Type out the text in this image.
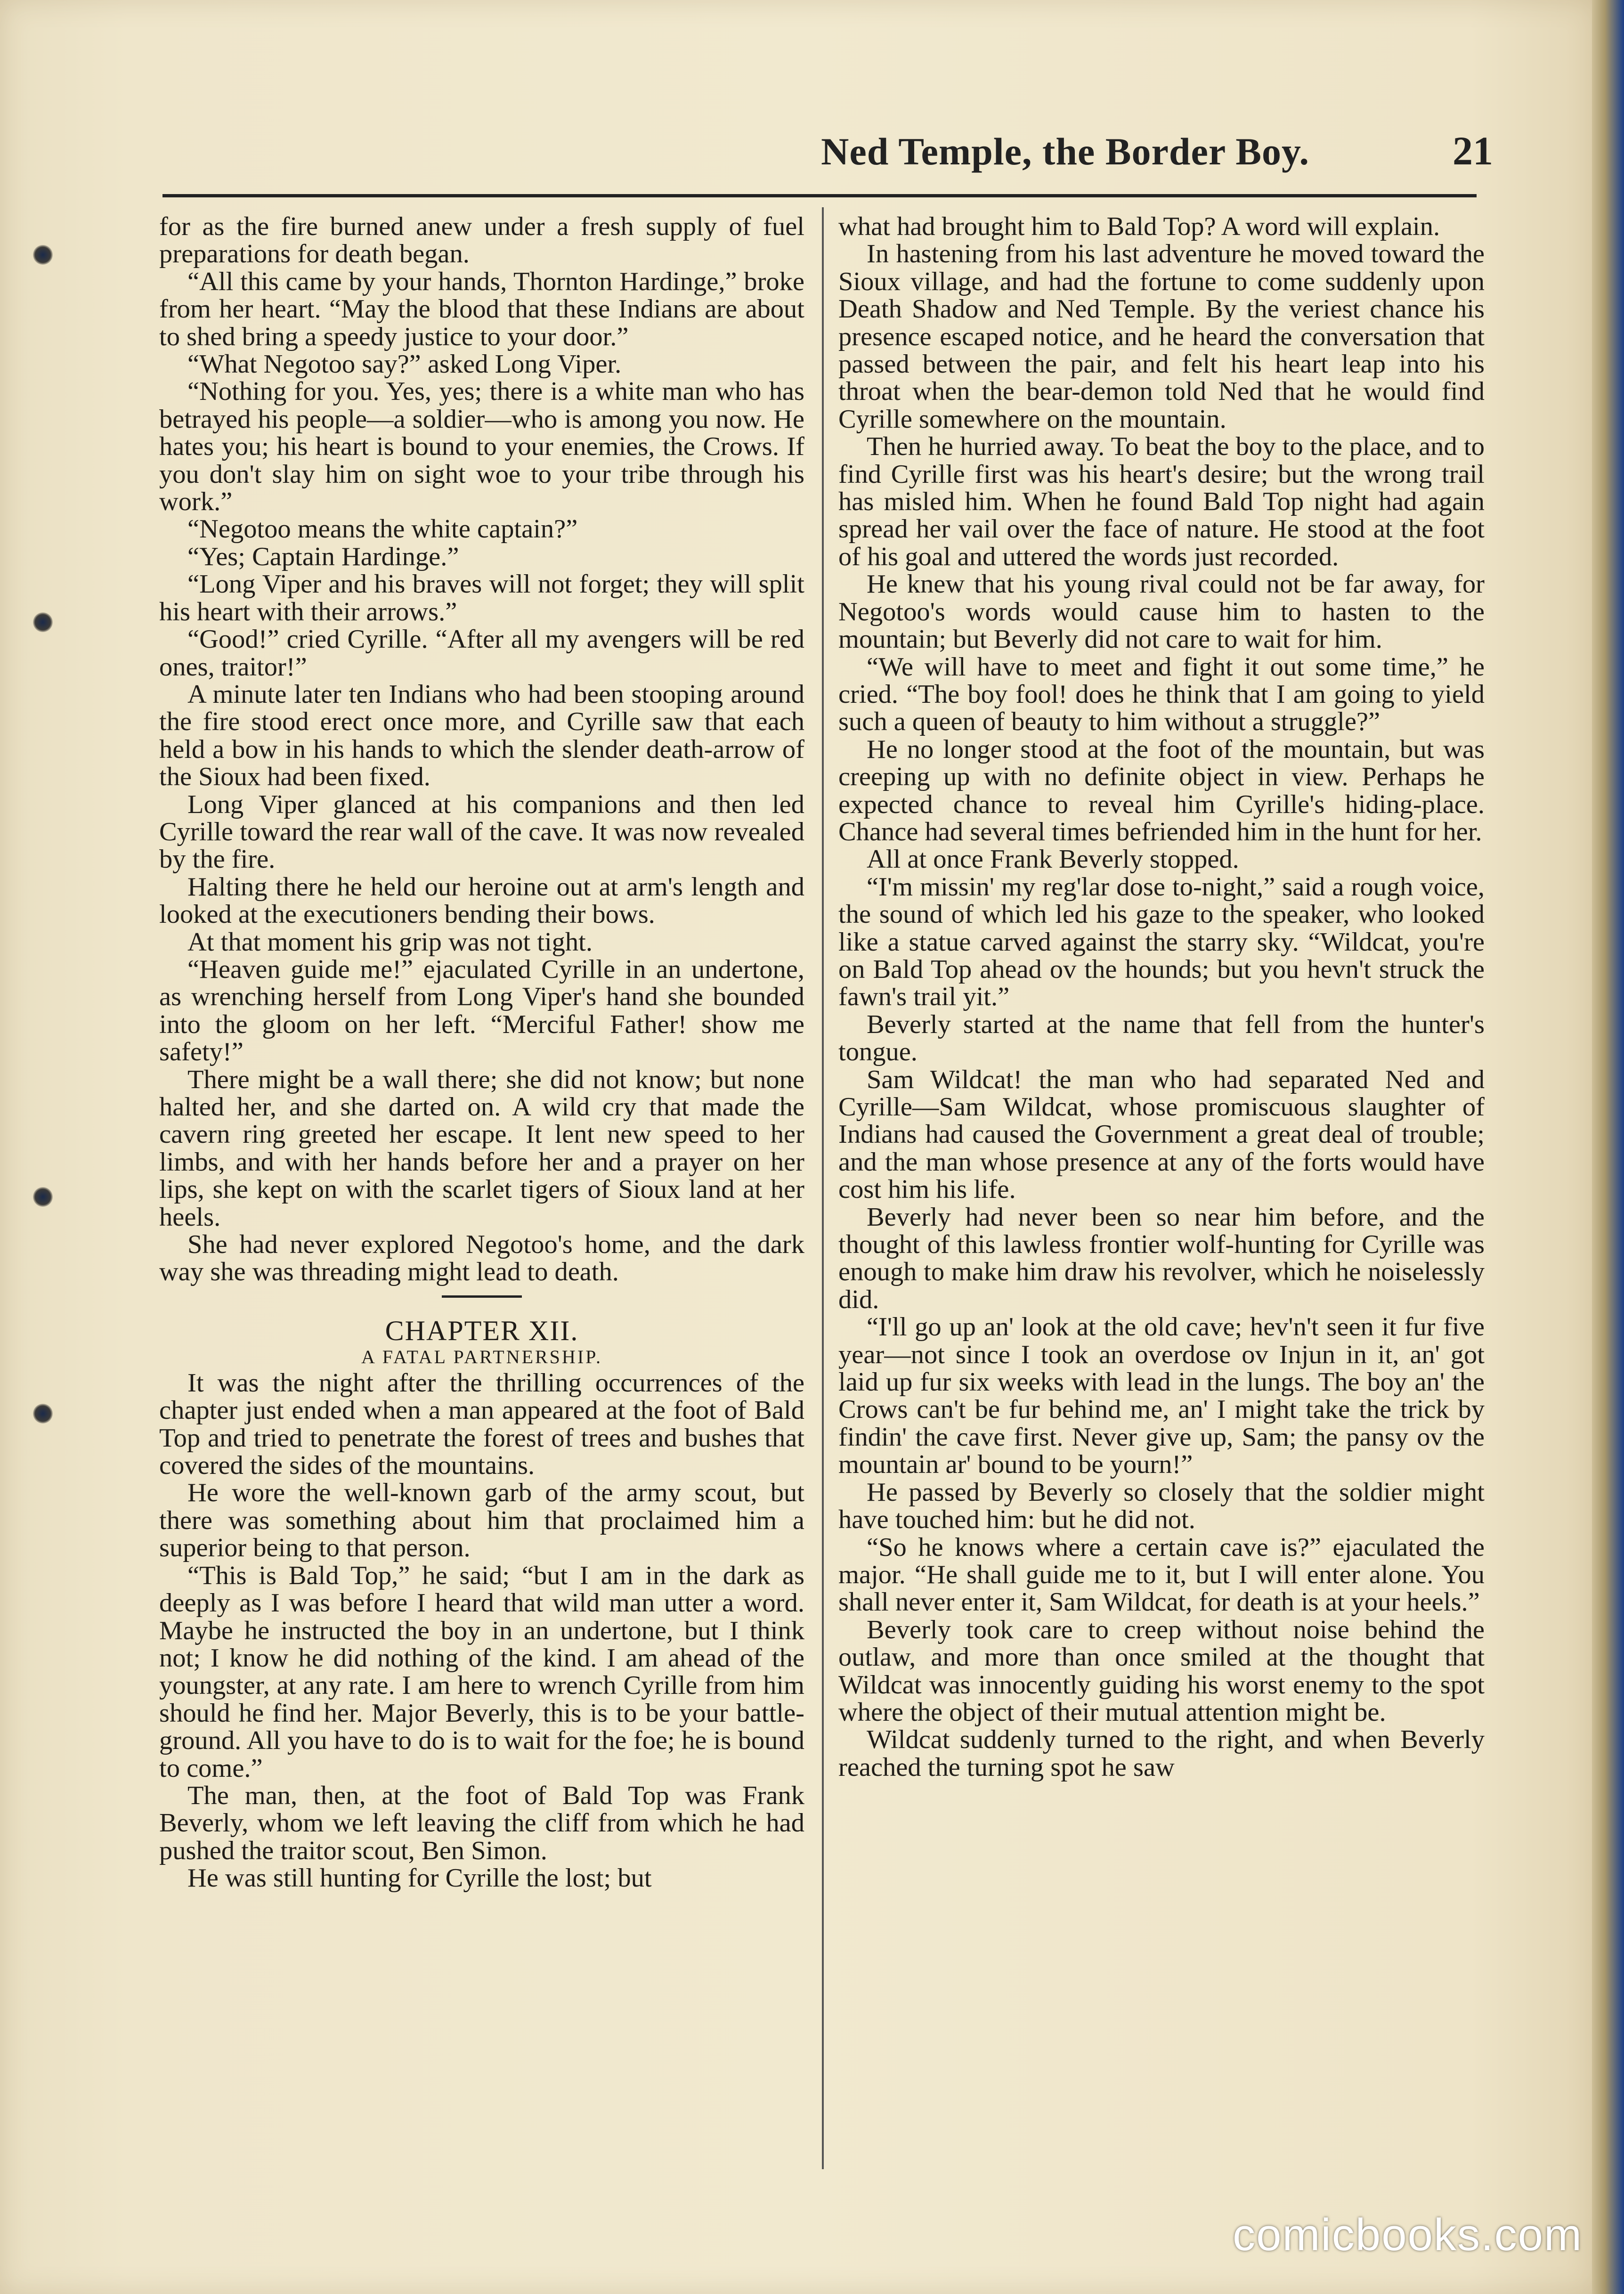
Ned Temple, the Border Boy.	21

for as the fire burned anew under a fresh supply of fuel preparations for death began.

“All this came by your hands, Thornton Hardinge,” broke from her heart. “May the blood that these Indians are about to shed bring a speedy justice to your door.”

“What Negotoo say?” asked Long Viper.

“Nothing for you. Yes, yes; there is a white man who has betrayed his people—a soldier—who is among you now. He hates you; his heart is bound to your enemies, the Crows. If you don't slay him on sight woe to your tribe through his work.”

“Negotoo means the white captain?”

“Yes; Captain Hardinge.”

“Long Viper and his braves will not forget; they will split his heart with their arrows.”

“Good!” cried Cyrille. “After all my avengers will be red ones, traitor!”

A minute later ten Indians who had been stooping around the fire stood erect once more, and Cyrille saw that each held a bow in his hands to which the slender death-arrow of the Sioux had been fixed.

Long Viper glanced at his companions and then led Cyrille toward the rear wall of the cave. It was now revealed by the fire.

Halting there he held our heroine out at arm's length and looked at the executioners bending their bows.

At that moment his grip was not tight.

“Heaven guide me!” ejaculated Cyrille in an undertone, as wrenching herself from Long Viper's hand she bounded into the gloom on her left. “Merciful Father! show me safety!”

There might be a wall there; she did not know; but none halted her, and she darted on. A wild cry that made the cavern ring greeted her escape. It lent new speed to her limbs, and with her hands before her and a prayer on her lips, she kept on with the scarlet tigers of Sioux land at her heels.

She had never explored Negotoo's home, and the dark way she was threading might lead to death.

CHAPTER XII.

A FATAL PARTNERSHIP.

It was the night after the thrilling occurrences of the chapter just ended when a man appeared at the foot of Bald Top and tried to penetrate the forest of trees and bushes that covered the sides of the mountains.

He wore the well-known garb of the army scout, but there was something about him that proclaimed him a superior being to that person.

“This is Bald Top,” he said; “but I am in the dark as deeply as I was before I heard that wild man utter a word. Maybe he instructed the boy in an undertone, but I think not; I know he did nothing of the kind. I am ahead of the youngster, at any rate. I am here to wrench Cyrille from him should he find her. Major Beverly, this is to be your battle-ground. All you have to do is to wait for the foe; he is bound to come.”

The man, then, at the foot of Bald Top was Frank Beverly, whom we left leaving the cliff from which he had pushed the traitor scout, Ben Simon.

He was still hunting for Cyrille the lost; but

what had brought him to Bald Top? A word will explain.

In hastening from his last adventure he moved toward the Sioux village, and had the fortune to come suddenly upon Death Shadow and Ned Temple. By the veriest chance his presence escaped notice, and he heard the conversation that passed between the pair, and felt his heart leap into his throat when the bear-demon told Ned that he would find Cyrille somewhere on the mountain.

Then he hurried away. To beat the boy to the place, and to find Cyrille first was his heart's desire; but the wrong trail has misled him. When he found Bald Top night had again spread her vail over the face of nature. He stood at the foot of his goal and uttered the words just recorded.

He knew that his young rival could not be far away, for Negotoo's words would cause him to hasten to the mountain; but Beverly did not care to wait for him.

“We will have to meet and fight it out some time,” he cried. “The boy fool! does he think that I am going to yield such a queen of beauty to him without a struggle?”

He no longer stood at the foot of the mountain, but was creeping up with no definite object in view. Perhaps he expected chance to reveal him Cyrille's hiding-place. Chance had several times befriended him in the hunt for her.

All at once Frank Beverly stopped.

“I'm missin' my reg'lar dose to-night,” said a rough voice, the sound of which led his gaze to the speaker, who looked like a statue carved against the starry sky. “Wildcat, you're on Bald Top ahead ov the hounds; but you hevn't struck the fawn's trail yit.”

Beverly started at the name that fell from the hunter's tongue.

Sam Wildcat! the man who had separated Ned and Cyrille—Sam Wildcat, whose promiscuous slaughter of Indians had caused the Government a great deal of trouble; and the man whose presence at any of the forts would have cost him his life.

Beverly had never been so near him before, and the thought of this lawless frontier wolf-hunting for Cyrille was enough to make him draw his revolver, which he noiselessly did.

“I'll go up an' look at the old cave; hev'n't seen it fur five year—not since I took an overdose ov Injun in it, an' got laid up fur six weeks with lead in the lungs. The boy an' the Crows can't be fur behind me, an' I might take the trick by findin' the cave first. Never give up, Sam; the pansy ov the mountain ar' bound to be yourn!”

He passed by Beverly so closely that the soldier might have touched him: but he did not.

“So he knows where a certain cave is?” ejaculated the major. “He shall guide me to it, but I will enter alone. You shall never enter it, Sam Wildcat, for death is at your heels.”

Beverly took care to creep without noise behind the outlaw, and more than once smiled at the thought that Wildcat was innocently guiding his worst enemy to the spot where the object of their mutual attention might be.

Wildcat suddenly turned to the right, and when Beverly reached the turning spot he saw

comicbooks.com
